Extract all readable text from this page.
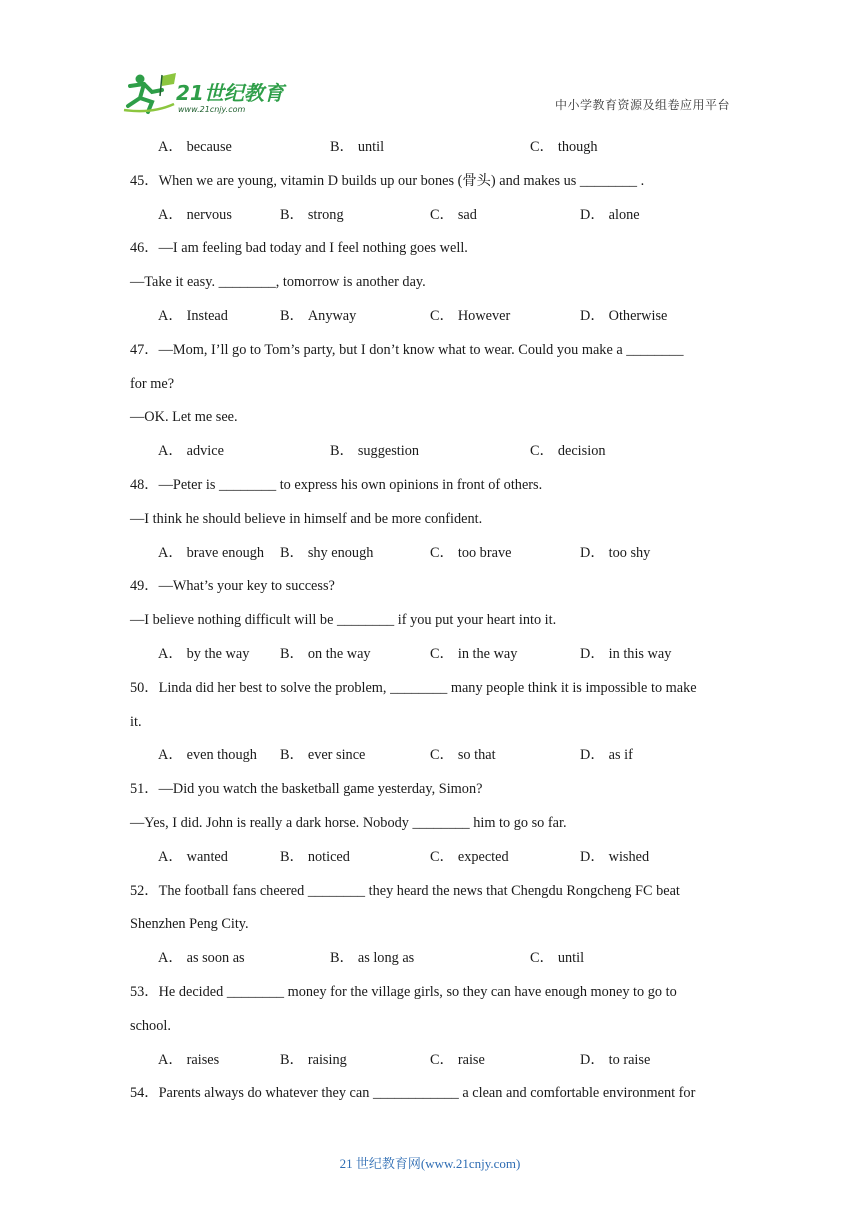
21世纪教育
www.21cnjy.com	中小学教育资源及组卷应用平台
A． because	B． until	C． though
45．When we are young, vitamin D builds up our bones (骨头) and makes us ________ .
A． nervous	B． strong	C． sad	D． alone
46．—I am feeling bad today and I feel nothing goes well.
—Take it easy. ________, tomorrow is another day.
A． Instead	B． Anyway	C． However	D． Otherwise
47．—Mom, I’ll go to Tom’s party, but I don’t know what to wear. Could you make a ________
for me?
—OK. Let me see.
A． advice	B． suggestion	C． decision
48．—Peter is ________ to express his own opinions in front of others.
—I think he should believe in himself and be more confident.
A． brave enough B． shy enough	C． too brave	D． too shy
49．—What’s your key to success?
—I believe nothing difficult will be ________ if you put your heart into it.
A． by the way B． on the way	C． in the way	D． in this way
50．Linda did her best to solve the problem, ________ many people think it is impossible to make
it.
A． even though B． ever since	C． so that	D． as if
51．—Did you watch the basketball game yesterday, Simon?
—Yes, I did. John is really a dark horse. Nobody ________ him to go so far.
A． wanted	B． noticed	C． expected	D． wished
52．The football fans cheered ________ they heard the news that Chengdu Rongcheng FC beat
Shenzhen Peng City.
A． as soon as	B． as long as	C． until
53．He decided ________ money for the village girls, so they can have enough money to go to
school.
A． raises	B． raising	C． raise	D． to raise
54．Parents always do whatever they can ____________ a clean and comfortable environment for
21 世纪教育网(www.21cnjy.com)
